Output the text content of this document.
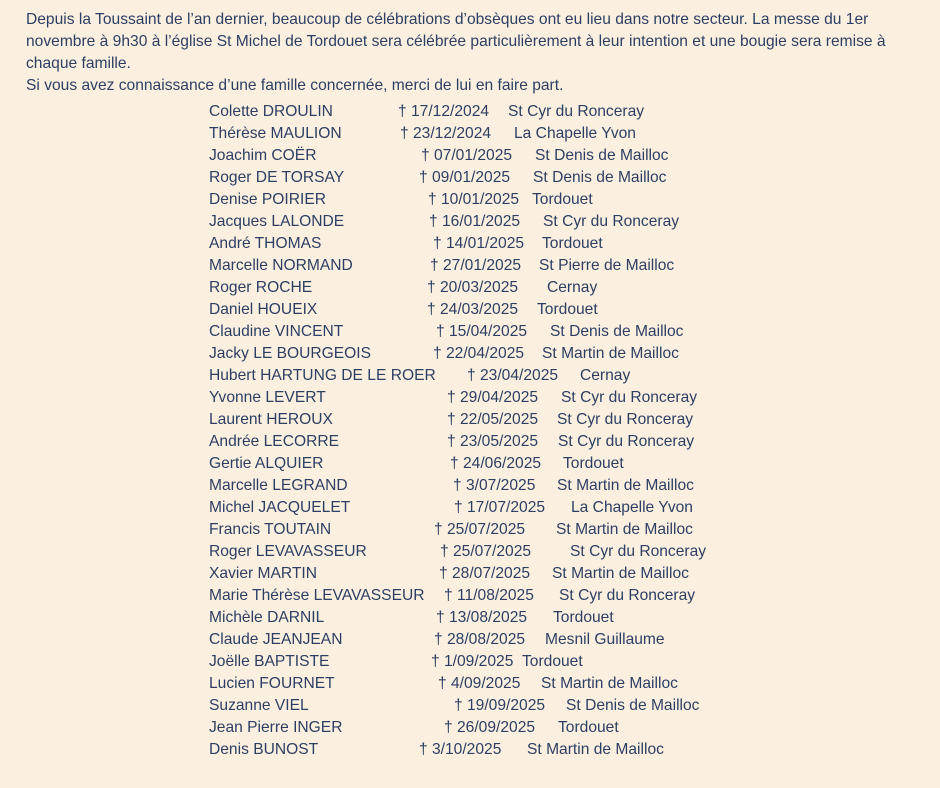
Depuis la Toussaint de l’an dernier, beaucoup de célébrations d’obsèques ont eu lieu dans notre secteur. La messe du 1er novembre à 9h30 à l’église St Michel de Tordouet sera célébrée particulièrement à leur intention et une bougie sera remise à chaque famille.

Si vous avez connaissance d’une famille concernée, merci de lui en faire part.

Colette DROULIN	† 17/12/2024 St Cyr du Ronceray
Thérèse MAULION	† 23/12/2024 La Chapelle Yvon
Joachim COËR	† 07/01/2025 St Denis de Mailloc
Roger DE TORSAY	† 09/01/2025 St Denis de Mailloc
Denise POIRIER	† 10/01/2025 Tordouet
Jacques LALONDE	† 16/01/2025 St Cyr du Ronceray
André THOMAS	† 14/01/2025 Tordouet
Marcelle NORMAND	† 27/01/2025 St Pierre de Mailloc
Roger ROCHE	† 20/03/2025 Cernay
Daniel HOUEIX	† 24/03/2025 Tordouet
Claudine VINCENT	† 15/04/2025 St Denis de Mailloc
Jacky LE BOURGEOIS	† 22/04/2025 St Martin de Mailloc
Hubert HARTUNG DE LE ROER † 23/04/2025 Cernay
Yvonne LEVERT	† 29/04/2025 St Cyr du Ronceray
Laurent HEROUX	† 22/05/2025 St Cyr du Ronceray
Andrée LECORRE	† 23/05/2025 St Cyr du Ronceray
Gertie ALQUIER	† 24/06/2025 Tordouet
Marcelle LEGRAND	† 3/07/2025 St Martin de Mailloc
Michel JACQUELET	† 17/07/2025 La Chapelle Yvon
Francis TOUTAIN	† 25/07/2025 St Martin de Mailloc
Roger LEVAVASSEUR	† 25/07/2025 St Cyr du Ronceray
Xavier MARTIN	† 28/07/2025 St Martin de Mailloc
Marie Thérèse LEVAVASSEUR † 11/08/2025 St Cyr du Ronceray
Michèle DARNIL	† 13/08/2025 Tordouet
Claude JEANJEAN	† 28/08/2025 Mesnil Guillaume
Joëlle BAPTISTE	† 1/09/2025 Tordouet
Lucien FOURNET	† 4/09/2025 St Martin de Mailloc
Suzanne VIEL	† 19/09/2025 St Denis de Mailloc
Jean Pierre INGER	† 26/09/2025 Tordouet
Denis BUNOST	† 3/10/2025 St Martin de Mailloc
